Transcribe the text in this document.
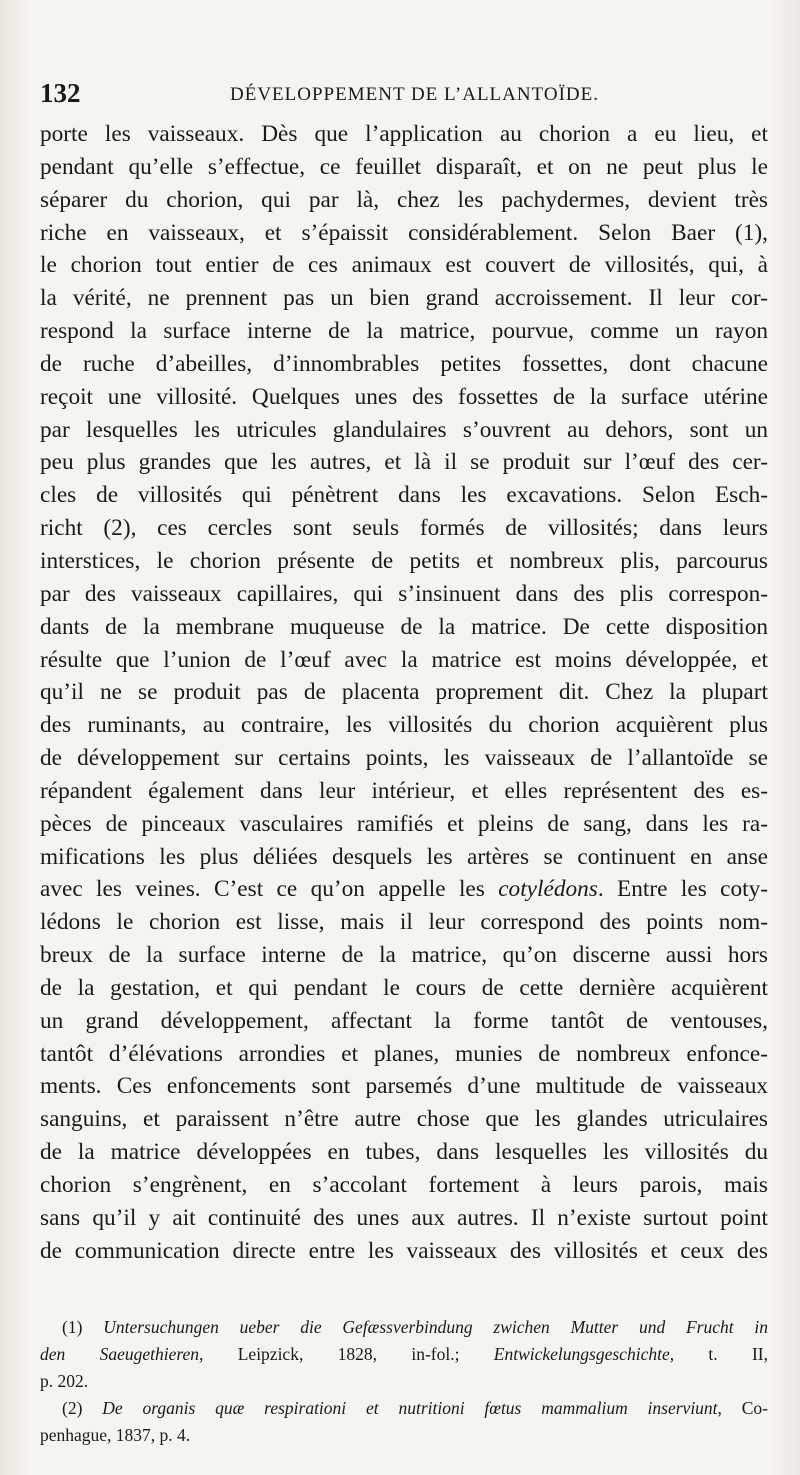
132	DÉVELOPPEMENT DE L’ALLANTOÏDE.
porte les vaisseaux. Dès que l’application au chorion a eu lieu, et
pendant qu’elle s’effectue, ce feuillet disparaît, et on ne peut plus le
séparer du chorion, qui par là, chez les pachydermes, devient très
riche en vaisseaux, et s’épaissit considérablement. Selon Baer (1),
le chorion tout entier de ces animaux est couvert de villosités, qui, à
la vérité, ne prennent pas un bien grand accroissement. Il leur cor-
respond la surface interne de la matrice, pourvue, comme un rayon
de ruche d’abeilles, d’innombrables petites fossettes, dont chacune
reçoit une villosité. Quelques unes des fossettes de la surface utérine
par lesquelles les utricules glandulaires s’ouvrent au dehors, sont un
peu plus grandes que les autres, et là il se produit sur l’œuf des cer-
cles de villosités qui pénètrent dans les excavations. Selon Esch-
richt (2), ces cercles sont seuls formés de villosités; dans leurs
interstices, le chorion présente de petits et nombreux plis, parcourus
par des vaisseaux capillaires, qui s’insinuent dans des plis correspon-
dants de la membrane muqueuse de la matrice. De cette disposition
résulte que l’union de l’œuf avec la matrice est moins développée, et
qu’il ne se produit pas de placenta proprement dit. Chez la plupart
des ruminants, au contraire, les villosités du chorion acquièrent plus
de développement sur certains points, les vaisseaux de l’allantoïde se
répandent également dans leur intérieur, et elles représentent des es-
pèces de pinceaux vasculaires ramifiés et pleins de sang, dans les ra-
mifications les plus déliées desquels les artères se continuent en anse
avec les veines. C’est ce qu’on appelle les cotylédons. Entre les coty-
lédons le chorion est lisse, mais il leur correspond des points nom-
breux de la surface interne de la matrice, qu’on discerne aussi hors
de la gestation, et qui pendant le cours de cette dernière acquièrent
un grand développement, affectant la forme tantôt de ventouses,
tantôt d’élévations arrondies et planes, munies de nombreux enfonce-
ments. Ces enfoncements sont parsemés d’une multitude de vaisseaux
sanguins, et paraissent n’être autre chose que les glandes utriculaires
de la matrice développées en tubes, dans lesquelles les villosités du
chorion s’engrènent, en s’accolant fortement à leurs parois, mais
sans qu’il y ait continuité des unes aux autres. Il n’existe surtout point
de communication directe entre les vaisseaux des villosités et ceux des
(1) Untersuchungen ueber die Gefæssverbindung zwichen Mutter und Frucht in
den Saeugethieren, Leipzick, 1828, in-fol.; Entwickelungsgeschichte, t. II,
p. 202.
(2) De organis quæ respirationi et nutritioni fœtus mammalium inserviunt, Co-
penhague, 1837, p. 4.
